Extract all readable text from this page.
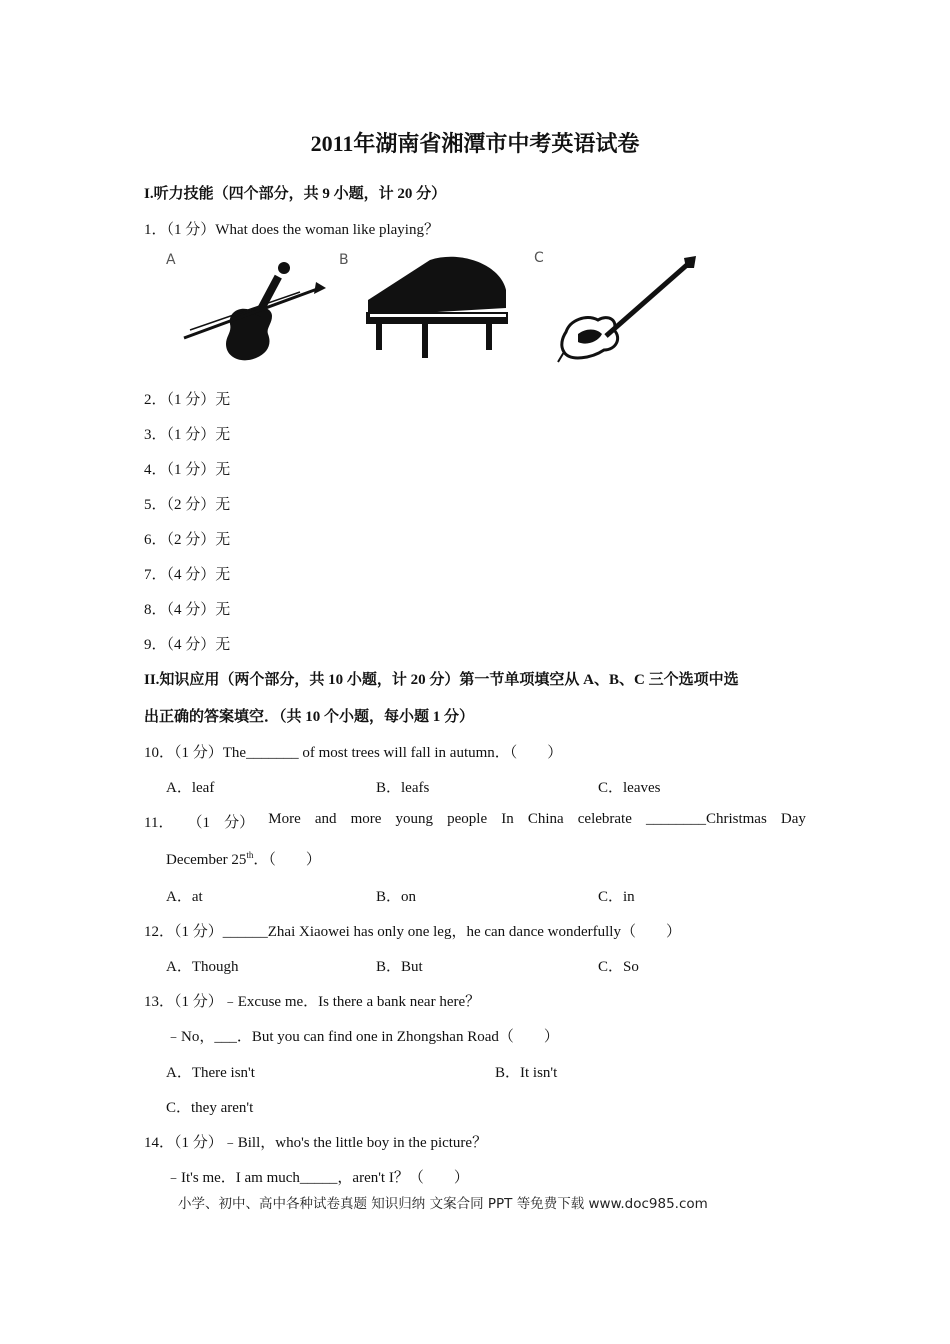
2011年湖南省湘潭市中考英语试卷
I.听力技能（四个部分，共 9 小题，计 20 分）
1．（1 分）What does the woman like playing？
A	B	C
2．（1 分）无
3．（1 分）无
4．（1 分）无
5．（2 分）无
6．（2 分）无
7．（4 分）无
8．（4 分）无
9．（4 分）无
II.知识应用（两个部分，共 10 小题，计 20 分）第一节单项填空从 A、B、C 三个选项中选
出正确的答案填空．（共 10 个小题，每小题 1 分）
10．（1 分）The_______ of most trees will fall in autumn．（　　）
A．leaf	B．leafs	C．leaves
11． （1 分） More and more young people In China celebrate ________Christmas Day
December 25th．（　　）
A．at	B．on	C．in
12．（1 分）______Zhai Xiaowei has only one leg，he can dance wonderfully（　　）
A．Though	B．But	C．So
13．（1 分）﹣Excuse me．Is there a bank near here？
﹣No，___．But you can find one in Zhongshan Road（　　）
A．There isn't	B．It isn't
C．they aren't
14．（1 分）﹣Bill，who's the little boy in the picture？
﹣It's me．I am much_____，aren't I？（　　）
小学、初中、高中各种试卷真题 知识归纳 文案合同 PPT 等免费下载 www.doc985.com
